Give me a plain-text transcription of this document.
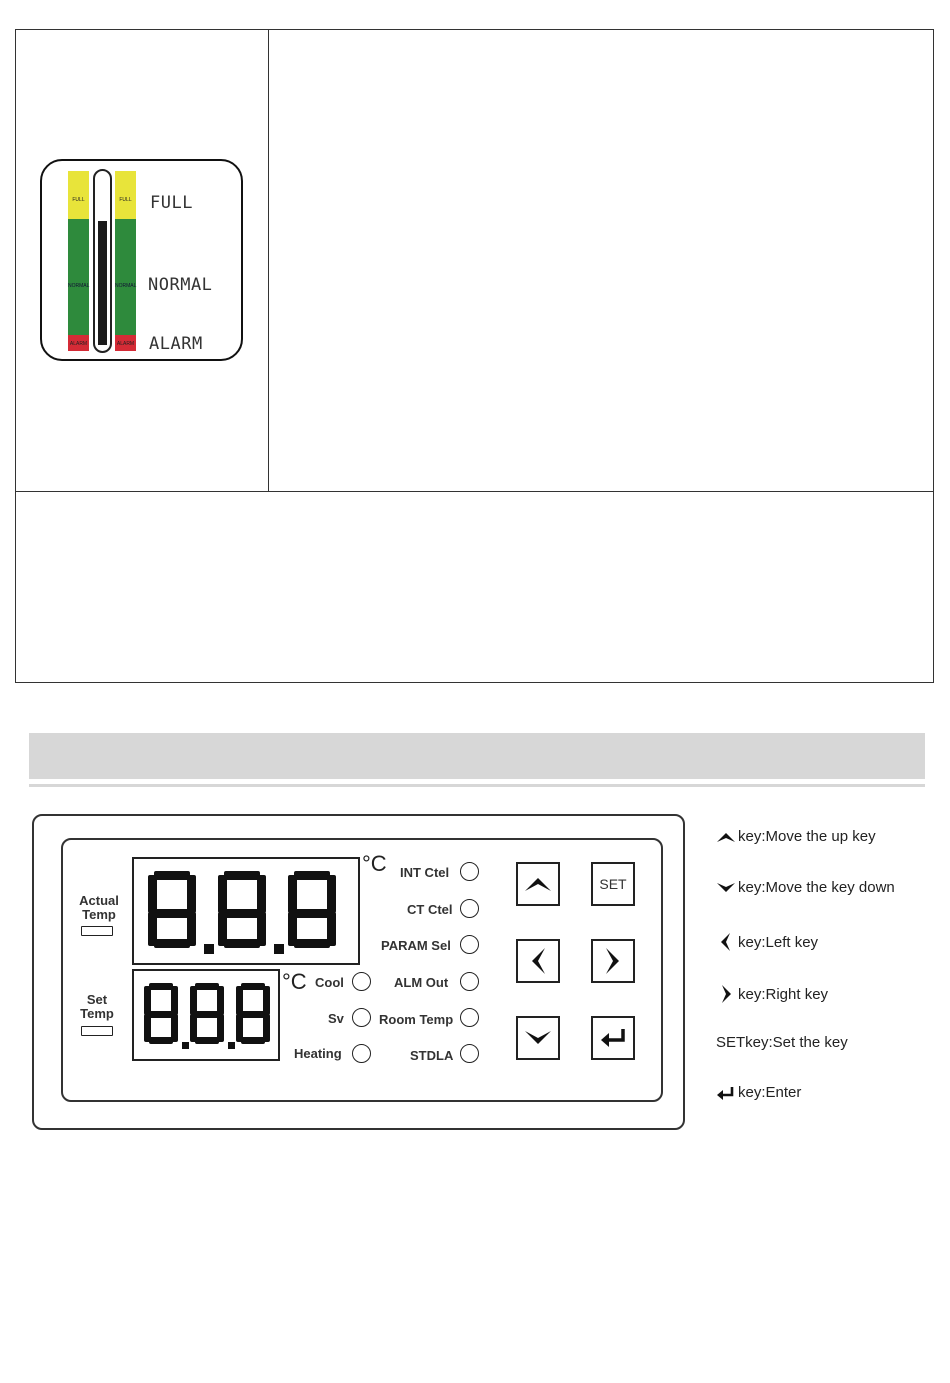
FULL
NORMAL
ALARM
FULL
NORMAL
ALARM
FULL
NORMAL
ALARM
Actual Temp
Set Temp
°C
°C Cool
Sv
Heating
INT Ctel
CT Ctel
PARAM Sel
ALM Out
Room Temp
STDLA
SET
key:Move the up key
key:Move the key down
key:Left key
key:Right key
SETkey:Set the key
key:Enter
